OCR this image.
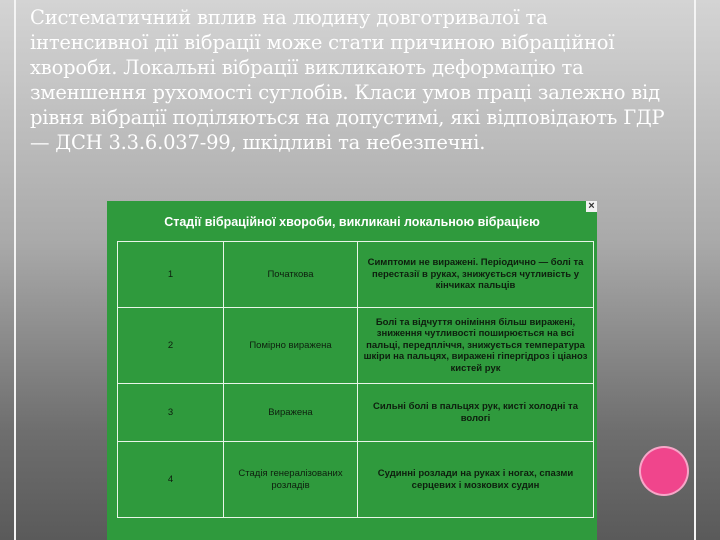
Систематичний вплив на людину довготривалої та інтенсивної дії вібрації може стати причиною вібраційної хвороби. Локальні вібрації викликають деформацію та зменшення рухомості суглобів. Класи умов праці залежно від рівня вібрації поділяються на допустимі, які відповідають ГДР — ДСН 3.3.6.037-99, шкідливі та небезпечні.

Стадії вібраційної хвороби, викликані локальною вібрацією
1	Початкова	Симптоми не виражені. Періодично — болі та перестазії в руках, знижується чутливість у кінчиках пальців
2	Помірно виражена	Болі та відчуття оніміння більш виражені, зниження чутливості поширюється на всі пальці, передпліччя, знижується температура шкіри на пальцях, виражені гіпергідроз і ціаноз кистей рук
3	Виражена	Сильні болі в пальцях рук, кисті холодні та вологі
4	Стадія генералізованих розладів	Судинні розлади на руках і ногах, спазми серцевих і мозкових судин
×
